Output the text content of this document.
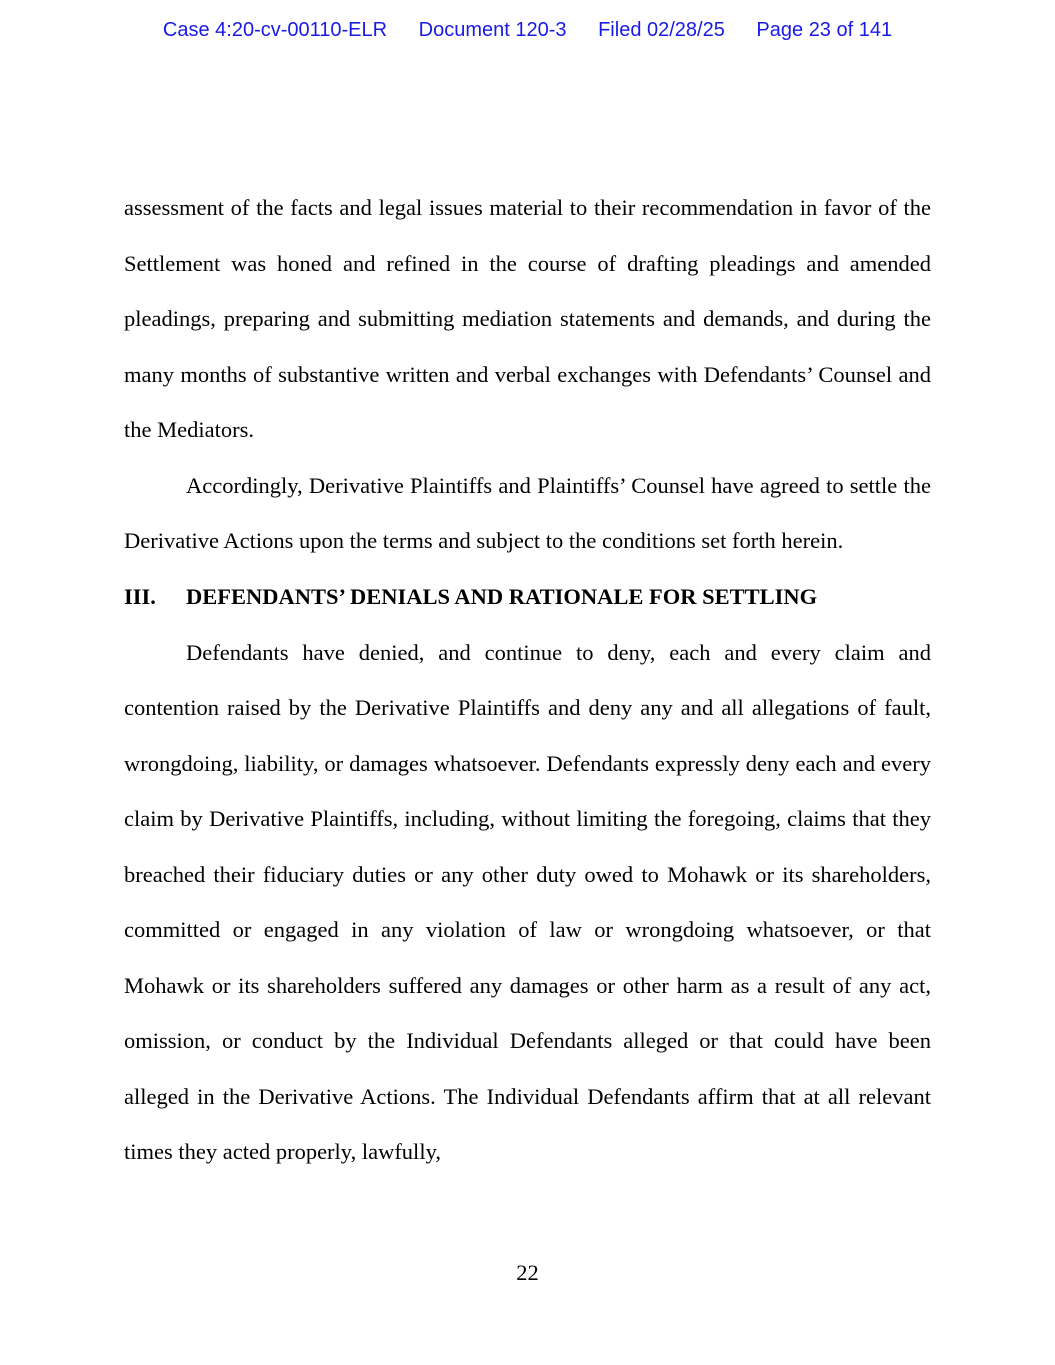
Case 4:20-cv-00110-ELR Document 120-3 Filed 02/28/25 Page 23 of 141

assessment of the facts and legal issues material to their recommendation in favor of the Settlement was honed and refined in the course of drafting pleadings and amended pleadings, preparing and submitting mediation statements and demands, and during the many months of substantive written and verbal exchanges with Defendants’ Counsel and the Mediators.

Accordingly, Derivative Plaintiffs and Plaintiffs’ Counsel have agreed to settle the Derivative Actions upon the terms and subject to the conditions set forth herein.

III. DEFENDANTS’ DENIALS AND RATIONALE FOR SETTLING

Defendants have denied, and continue to deny, each and every claim and contention raised by the Derivative Plaintiffs and deny any and all allegations of fault, wrongdoing, liability, or damages whatsoever. Defendants expressly deny each and every claim by Derivative Plaintiffs, including, without limiting the foregoing, claims that they breached their fiduciary duties or any other duty owed to Mohawk or its shareholders, committed or engaged in any violation of law or wrongdoing whatsoever, or that Mohawk or its shareholders suffered any damages or other harm as a result of any act, omission, or conduct by the Individual Defendants alleged or that could have been alleged in the Derivative Actions. The Individual Defendants affirm that at all relevant times they acted properly, lawfully,

22
